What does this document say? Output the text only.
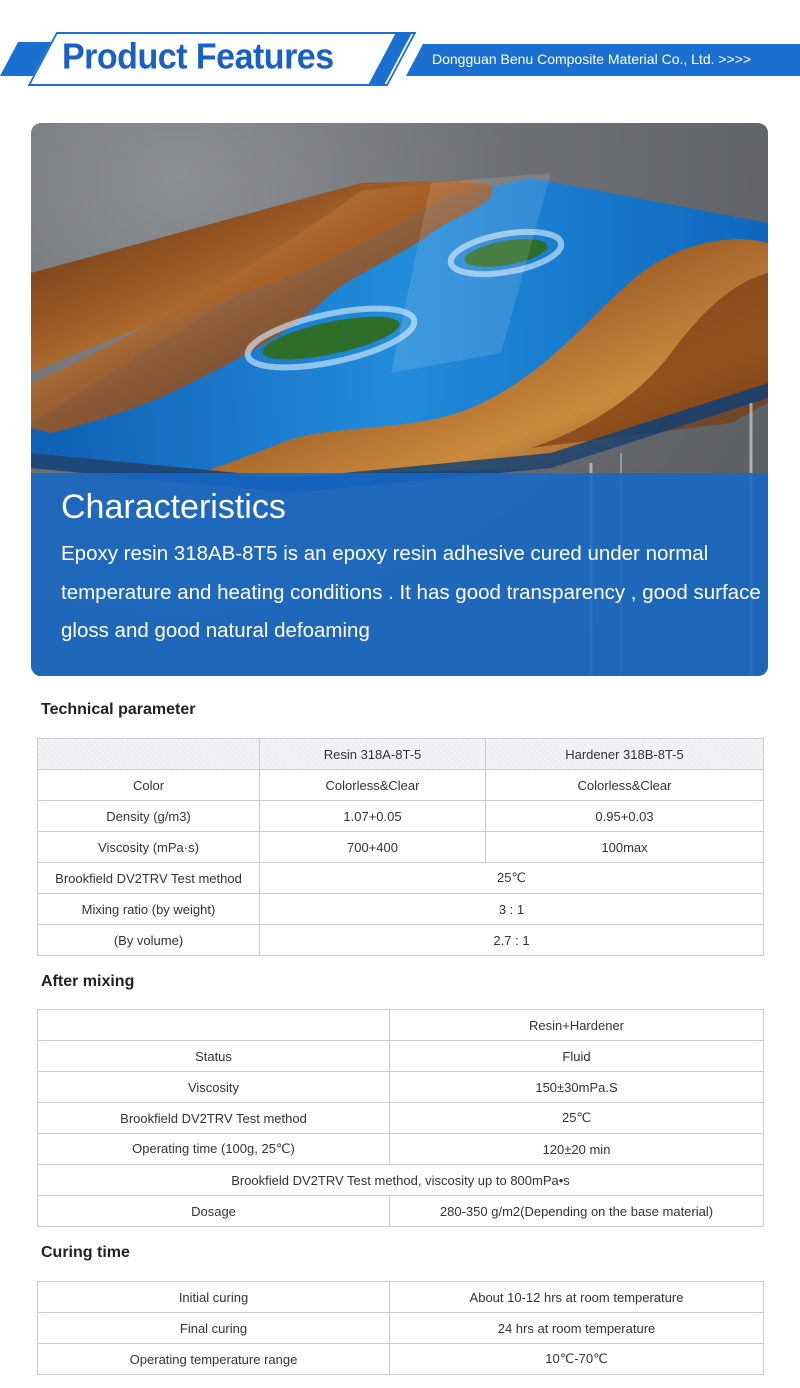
Product Features	Dongguan Benu Composite Material Co., Ltd. >>>>
Characteristics
Epoxy resin 318AB-8T5 is an epoxy resin adhesive cured under normal temperature and heating conditions . It has good transparency , good surface gloss and good natural defoaming
Technical parameter
	Resin 318A-8T-5	Hardener 318B-8T-5
Color	Colorless&Clear	Colorless&Clear
Density (g/m3)	1.07+0.05	0.95+0.03
Viscosity (mPa·s)	700+400	100max
Brookfield DV2TRV Test method	25℃	
Mixing ratio (by weight)	3 : 1	
(By volume)	2.7 : 1	
After mixing
	Resin+Hardener
Status	Fluid
Viscosity	150±30mPa.S
Brookfield DV2TRV Test method	25℃
Operating time (100g, 25℃)	120±20 min
Brookfield DV2TRV Test method, viscosity up to 800mPa•s	
Dosage	280-350 g/m2(Depending on the base material)
Curing time
Initial curing	About 10-12 hrs at room temperature
Final curing	24 hrs at room temperature
Operating temperature range	10℃-70℃
